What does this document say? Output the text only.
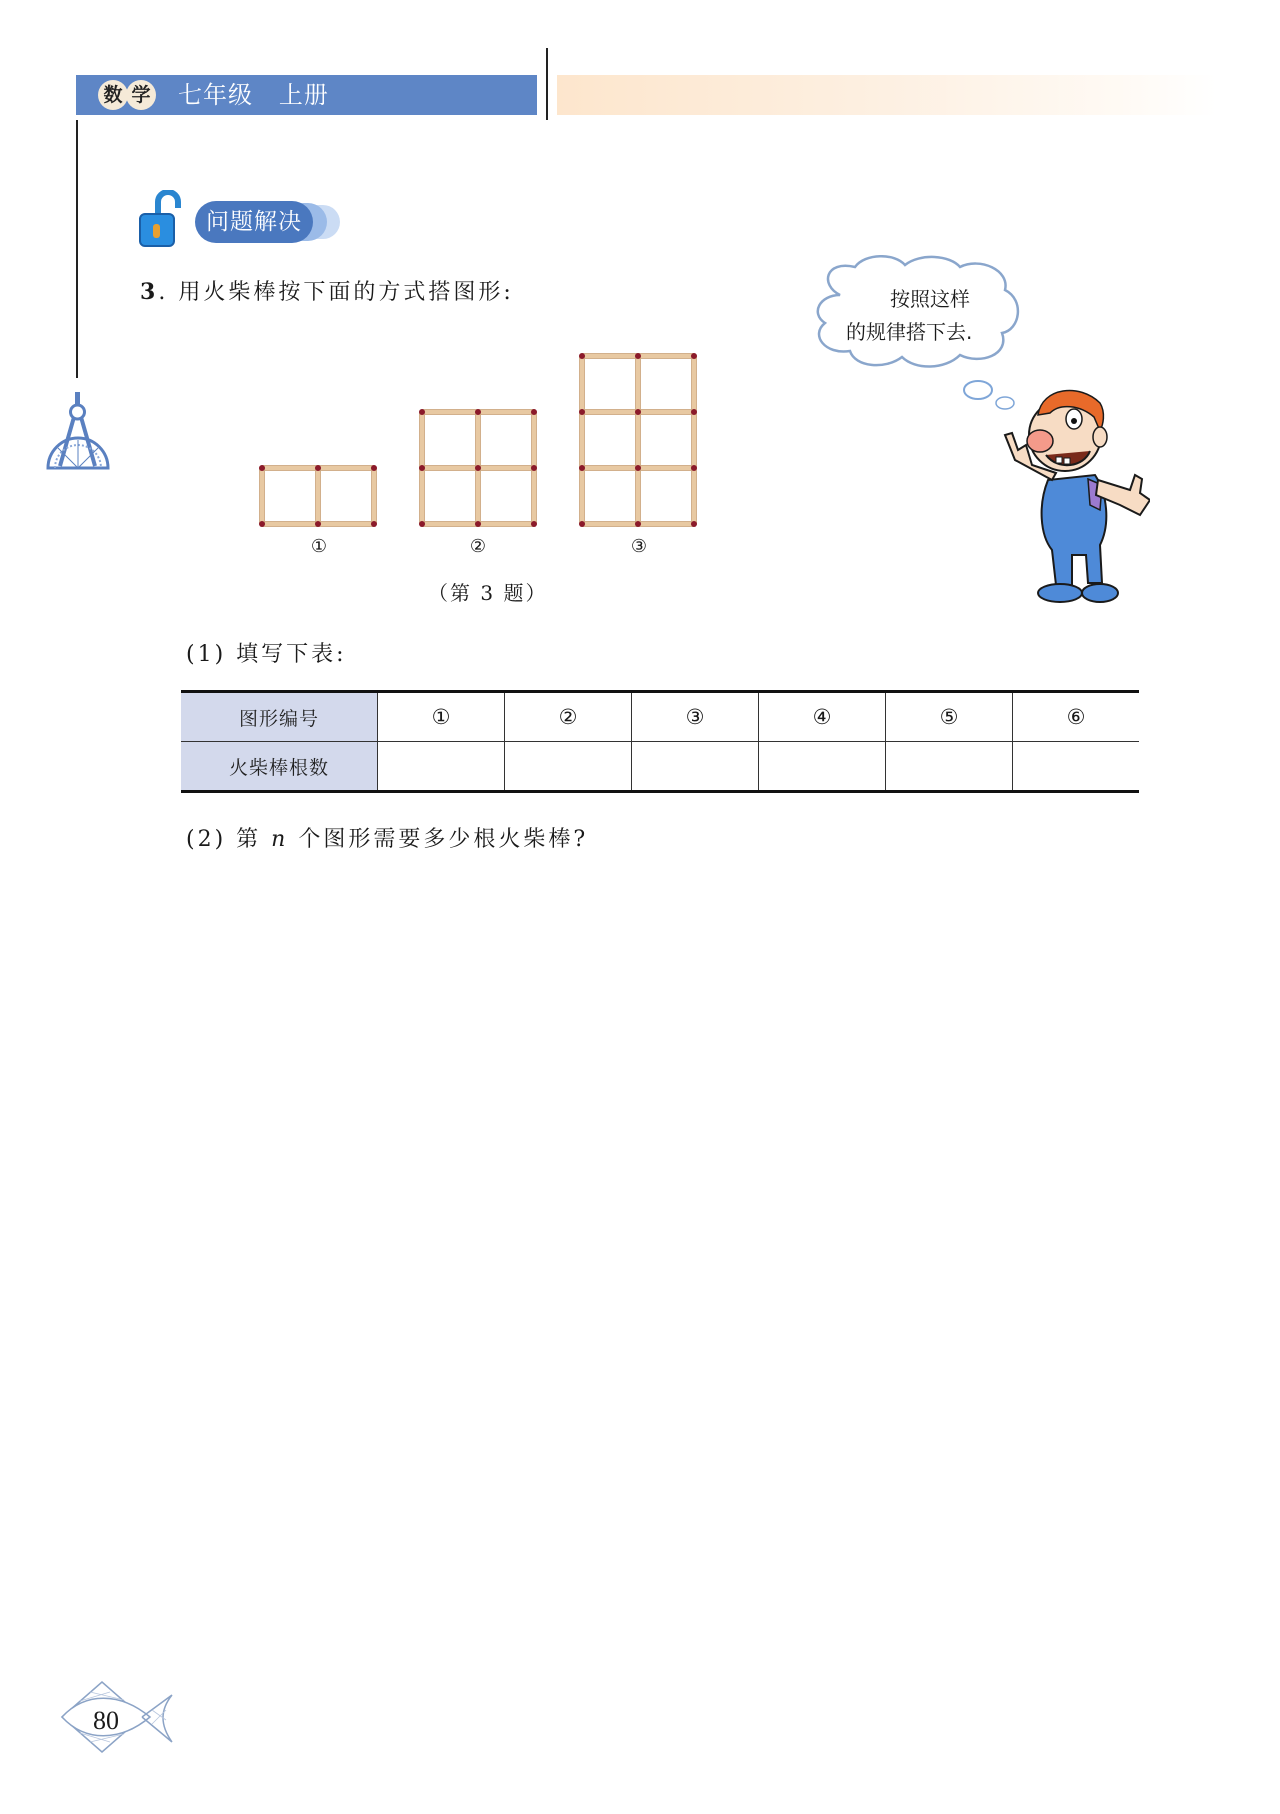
数 学 七年级   上册
问题解决
3. 用火柴棒按下面的方式搭图形:
①	②	③
（第 3 题）
按照这样
的规律搭下去.
(1) 填写下表:
图形编号	①	②	③	④	⑤	⑥
火柴棒根数						
(2) 第 n 个图形需要多少根火柴棒?
80
